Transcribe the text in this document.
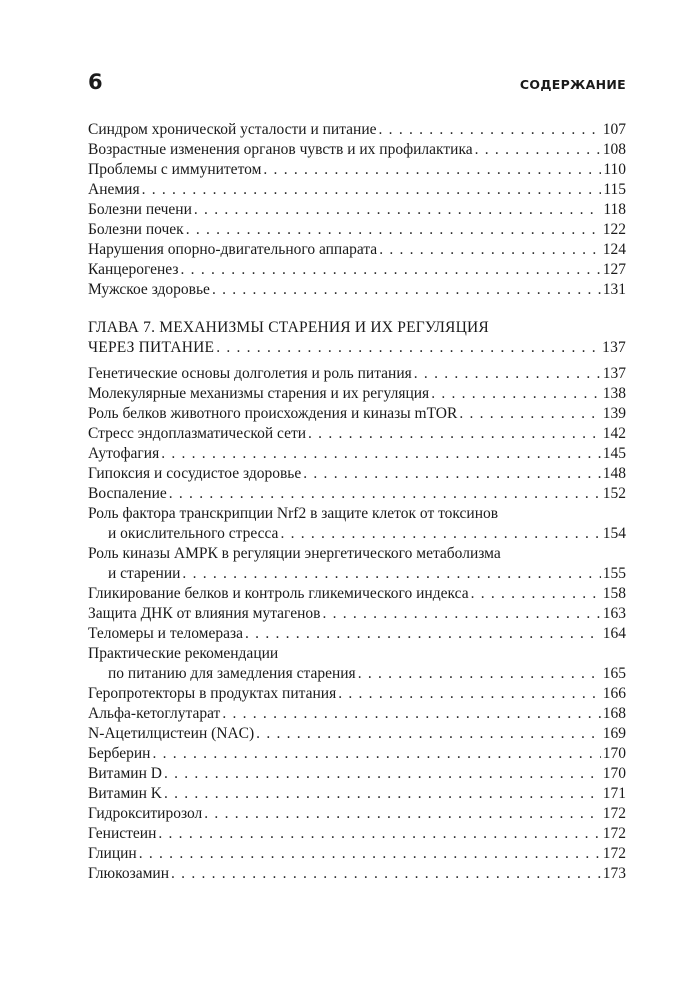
6	СОДЕРЖАНИЕ
Синдром хронической усталости и питание . . .	107
Возрастные изменения органов чувств и их профилактика . . .	108
Проблемы с иммунитетом . . .	110
Анемия . . .	115
Болезни печени . . .	118
Болезни почек . . .	122
Нарушения опорно-двигательного аппарата . . .	124
Канцерогенез . . .	127
Мужское здоровье . . .	131
ГЛАВА 7. МЕХАНИЗМЫ СТАРЕНИЯ И ИХ РЕГУЛЯЦИЯ
ЧЕРЕЗ ПИТАНИЕ . . .	137
Генетические основы долголетия и роль питания . . .	137
Молекулярные механизмы старения и их регуляция . . .	138
Роль белков животного происхождения и киназы mTOR . . .	139
Стресс эндоплазматической сети . . .	142
Аутофагия . . .	145
Гипоксия и сосудистое здоровье . . .	148
Воспаление . . .	152
Роль фактора транскрипции Nrf2 в защите клеток от токсинов
и окислительного стресса . . .	154
Роль киназы АМРК в регуляции энергетического метаболизма
и старении . . .	155
Гликирование белков и контроль гликемического индекса . . .	158
Защита ДНК от влияния мутагенов . . .	163
Теломеры и теломераза . . .	164
Практические рекомендации
по питанию для замедления старения . . .	165
Геропротекторы в продуктах питания . . .	166
Альфа-кетоглутарат . . .	168
N-Ацетилцистеин (NAC) . . .	169
Берберин . . .	170
Витамин D . . .	170
Витамин K . . .	171
Гидрокситирозол . . .	172
Генистеин . . .	172
Глицин . . .	172
Глюкозамин . . .	173
